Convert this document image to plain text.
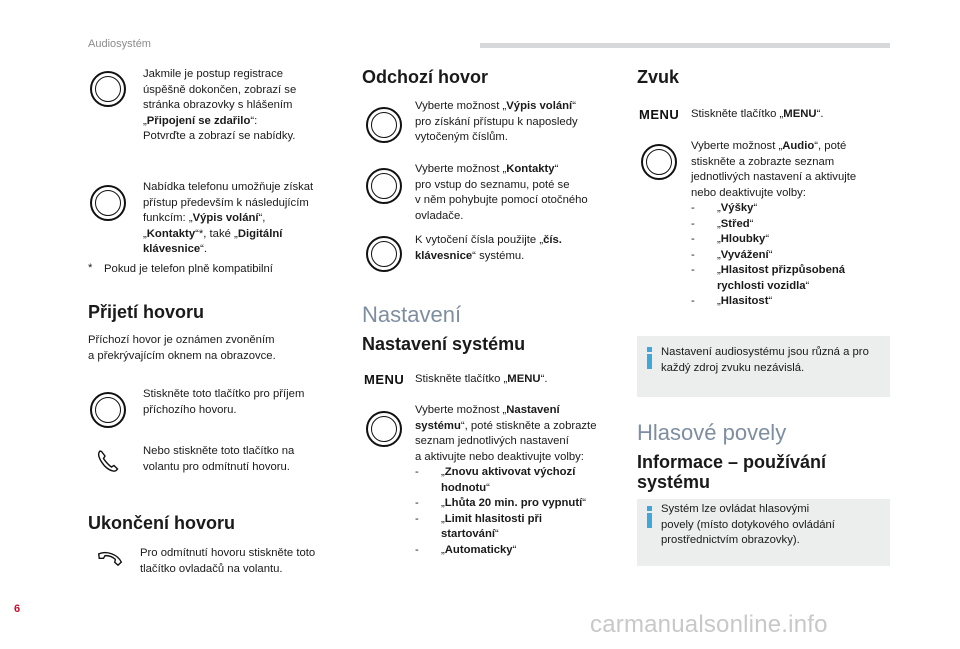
Audiosystém
Jakmile je postup registrace
úspěšně dokončen, zobrazí se
stránka obrazovky s hlášením
„Připojení se zdařilo“:
Potvrďte a zobrazí se nabídky.
Nabídka telefonu umožňuje získat
přístup především k následujícím
funkcím: „Výpis volání“,
„Kontakty“*, také „Digitální
klávesnice“.
* Pokud je telefon plně kompatibilní
Přijetí hovoru
Příchozí hovor je oznámen zvoněním
a překrývajícím oknem na obrazovce.
Stiskněte toto tlačítko pro příjem
příchozího hovoru.
Nebo stiskněte toto tlačítko na
volantu pro odmítnutí hovoru.
Ukončení hovoru
Pro odmítnutí hovoru stiskněte toto
tlačítko ovladačů na volantu.
Odchozí hovor
Vyberte možnost „Výpis volání“
pro získání přístupu k naposledy
vytočeným číslům.
Vyberte možnost „Kontakty“
pro vstup do seznamu, poté se
v něm pohybujte pomocí otočného
ovladače.
K vytočení čísla použijte „čís.
klávesnice“ systému.
Nastavení
Nastavení systému
MENU Stiskněte tlačítko „MENU“.
Vyberte možnost „Nastavení
systému“, poté stiskněte a zobrazte
seznam jednotlivých nastavení
a aktivujte nebo deaktivujte volby:
-	„Znovu aktivovat výchozí
hodnotu“
-	„Lhůta 20 min. pro vypnutí“
-	„Limit hlasitosti při
startování“
-	„Automaticky“
Zvuk
MENU Stiskněte tlačítko „MENU“.
Vyberte možnost „Audio“, poté
stiskněte a zobrazte seznam
jednotlivých nastavení a aktivujte
nebo deaktivujte volby:
-	„Výšky“
-	„Střed“
-	„Hloubky“
-	„Vyvážení“
-	„Hlasitost přizpůsobená
rychlosti vozidla“
-	„Hlasitost“
Nastavení audiosystému jsou různá a pro
každý zdroj zvuku nezávislá.
Hlasové povely
Informace – používání
systému
Systém lze ovládat hlasovými
povely (místo dotykového ovládání
prostřednictvím obrazovky).
6
carmanualsonline.info
